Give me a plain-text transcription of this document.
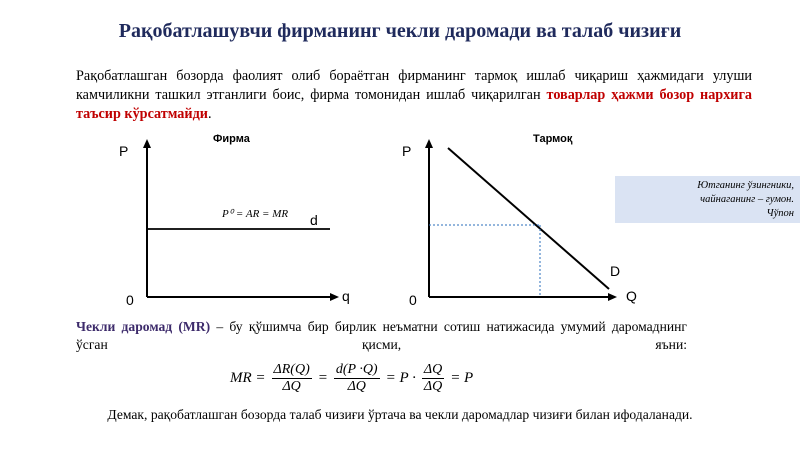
Рақобатлашувчи фирманинг чекли даромади ва талаб чизиғи
Рақобатлашган бозорда фаолият олиб бораётган фирманинг тармоқ ишлаб чиқариш ҳажмидаги улуши камчиликни ташкил этганлиги боис, фирма томонидан ишлаб чиқарилган товарлар ҳажми бозор нархига таъсир кўрсатмайди.
Фирма
P
q
0
P⁰ = AR = MR d
Тармоқ
P
Q
0
D
Ютганинг ўзингники,
чайнаганинг – гумон.
Чўпон
Чекли даромад (MR) – бу қўшимча бир бирлик неъматни сотиш натижасида умумий даромаднинг ўсган қисми, яъни:
MR = $\frac{\Delta R(Q)}{\Delta Q} = \frac{d(P \cdot Q)}{\Delta Q} = P \cdot \frac{\Delta Q}{\Delta Q} = P$
Демак, рақобатлашган бозорда талаб чизиғи ўртача ва чекли даромадлар чизиғи билан ифодаланади.
